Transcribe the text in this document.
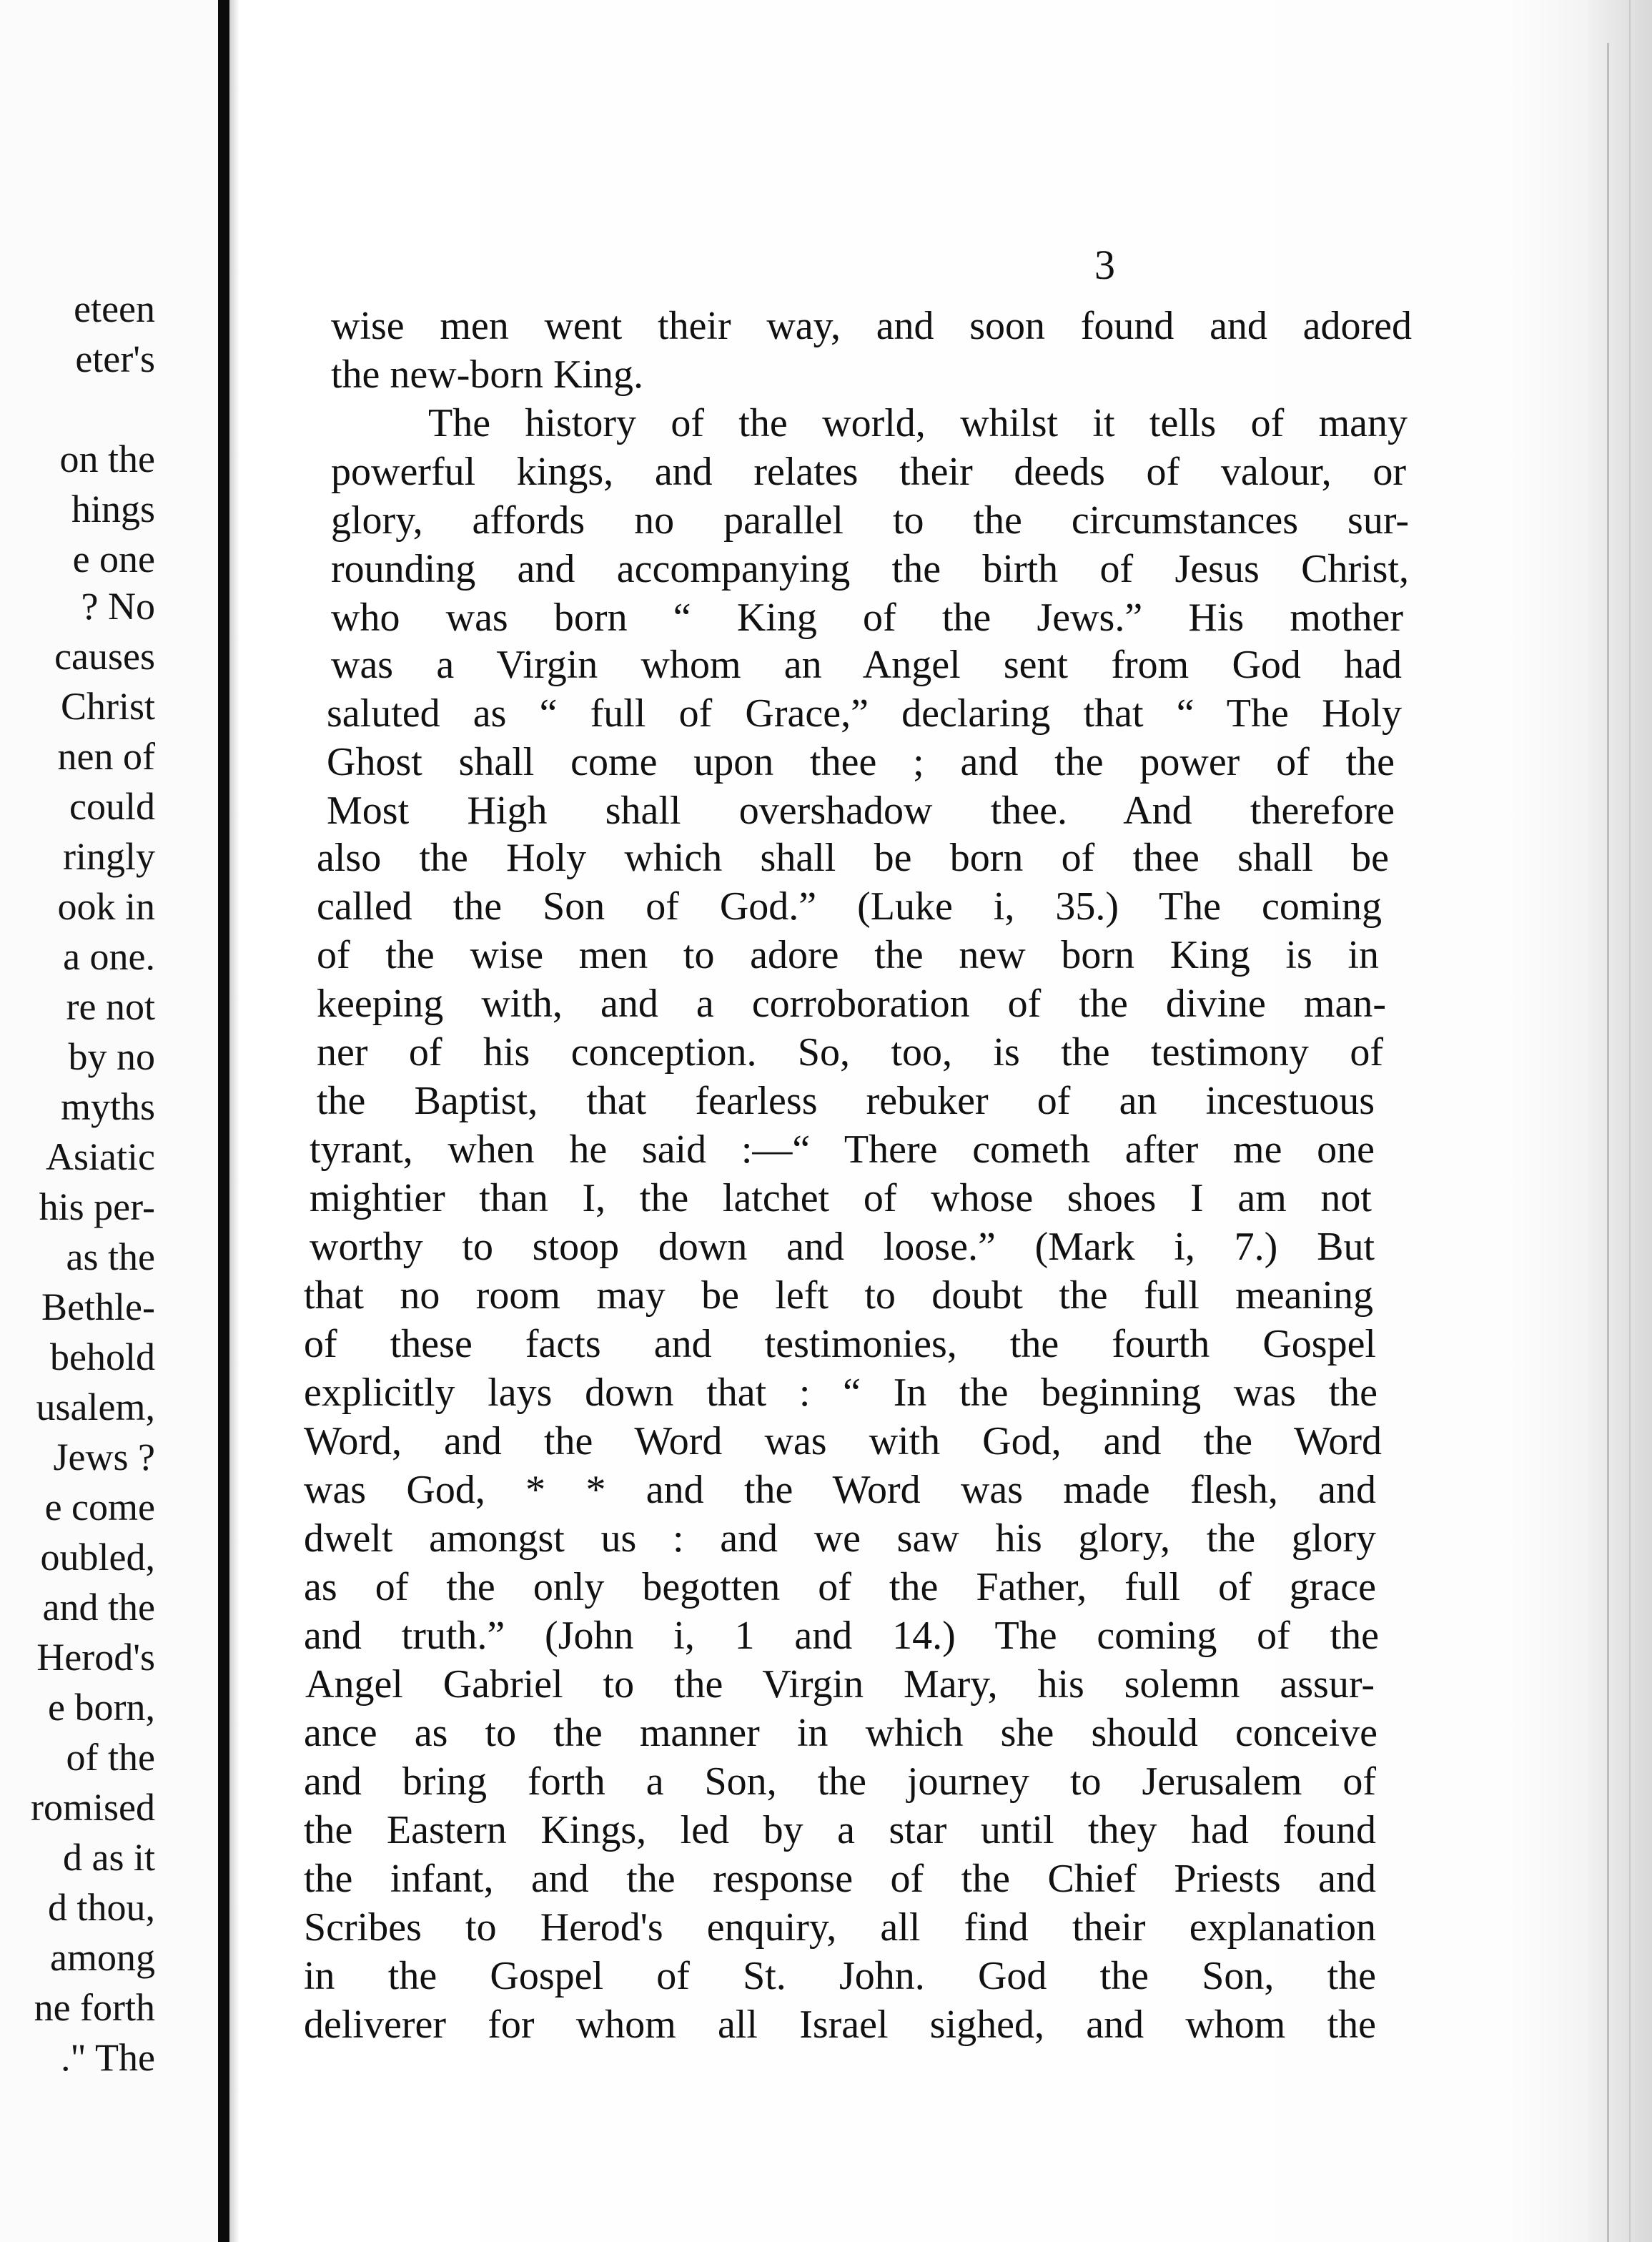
eteen
eter's
on the
hings
e one
? No
causes
Christ
nen of
could
ringly
ook in
a one.
re not
by no
myths
Asiatic
his per-
as the
Bethle-
behold
usalem,
Jews ?
e come
oubled,
and the
Herod's
e born,
of the
romised
d as it
d thou,
among
ne forth
." The
3
wise men went their way, and soon found and adored
the new-born King.
The history of the world, whilst it tells of many
powerful kings, and relates their deeds of valour, or
glory, affords no parallel to the circumstances sur-
rounding and accompanying the birth of Jesus Christ,
who was born “ King of the Jews.” His mother
was a Virgin whom an Angel sent from God had
saluted as “ full of Grace,” declaring that “ The Holy
Ghost shall come upon thee ; and the power of the
Most High shall overshadow thee. And therefore
also the Holy which shall be born of thee shall be
called the Son of God.” (Luke i, 35.) The coming
of the wise men to adore the new born King is in
keeping with, and a corroboration of the divine man-
ner of his conception. So, too, is the testimony of
the Baptist, that fearless rebuker of an incestuous
tyrant, when he said :—“ There cometh after me one
mightier than I, the latchet of whose shoes I am not
worthy to stoop down and loose.” (Mark i, 7.) But
that no room may be left to doubt the full meaning
of these facts and testimonies, the fourth Gospel
explicitly lays down that : “ In the beginning was the
Word, and the Word was with God, and the Word
was God, * * and the Word was made flesh, and
dwelt amongst us : and we saw his glory, the glory
as of the only begotten of the Father, full of grace
and truth.” (John i, 1 and 14.) The coming of the
Angel Gabriel to the Virgin Mary, his solemn assur-
ance as to the manner in which she should conceive
and bring forth a Son, the journey to Jerusalem of
the Eastern Kings, led by a star until they had found
the infant, and the response of the Chief Priests and
Scribes to Herod's enquiry, all find their explanation
in the Gospel of St. John. God the Son, the
deliverer for whom all Israel sighed, and whom the
